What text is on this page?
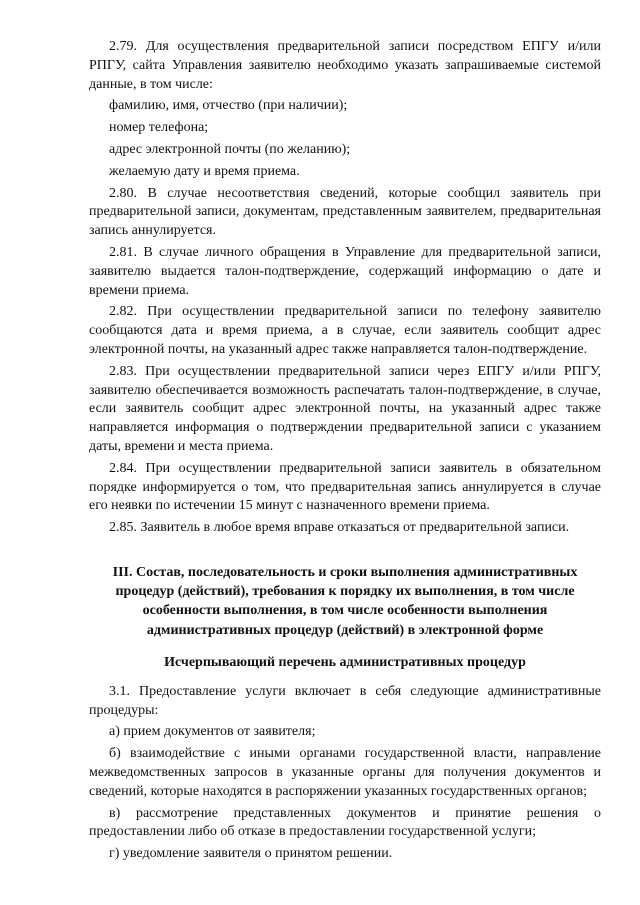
2.79. Для осуществления предварительной записи посредством ЕПГУ и/или РПГУ, сайта Управления заявителю необходимо указать запрашиваемые системой данные, в том числе:

фамилию, имя, отчество (при наличии);

номер телефона;

адрес электронной почты (по желанию);

желаемую дату и время приема.

2.80. В случае несоответствия сведений, которые сообщил заявитель при предварительной записи, документам, представленным заявителем, предварительная запись аннулируется.

2.81. В случае личного обращения в Управление для предварительной записи, заявителю выдается талон-подтверждение, содержащий информацию о дате и времени приема.

2.82. При осуществлении предварительной записи по телефону заявителю сообщаются дата и время приема, а в случае, если заявитель сообщит адрес электронной почты, на указанный адрес также направляется талон-подтверждение.

2.83. При осуществлении предварительной записи через ЕПГУ и/или РПГУ, заявителю обеспечивается возможность распечатать талон-подтверждение, в случае, если заявитель сообщит адрес электронной почты, на указанный адрес также направляется информация о подтверждении предварительной записи с указанием даты, времени и места приема.

2.84. При осуществлении предварительной записи заявитель в обязательном порядке информируется о том, что предварительная запись аннулируется в случае его неявки по истечении 15 минут с назначенного времени приема.

2.85. Заявитель в любое время вправе отказаться от предварительной записи.

III. Состав, последовательность и сроки выполнения административных процедур (действий), требования к порядку их выполнения, в том числе особенности выполнения, в том числе особенности выполнения административных процедур (действий) в электронной форме
Исчерпывающий перечень административных процедур

3.1. Предоставление услуги включает в себя следующие административные процедуры:

а) прием документов от заявителя;

б) взаимодействие с иными органами государственной власти, направление межведомственных запросов в указанные органы для получения документов и сведений, которые находятся в распоряжении указанных государственных органов;

в) рассмотрение представленных документов и принятие решения о предоставлении либо об отказе в предоставлении государственной услуги;

г) уведомление заявителя о принятом решении.
